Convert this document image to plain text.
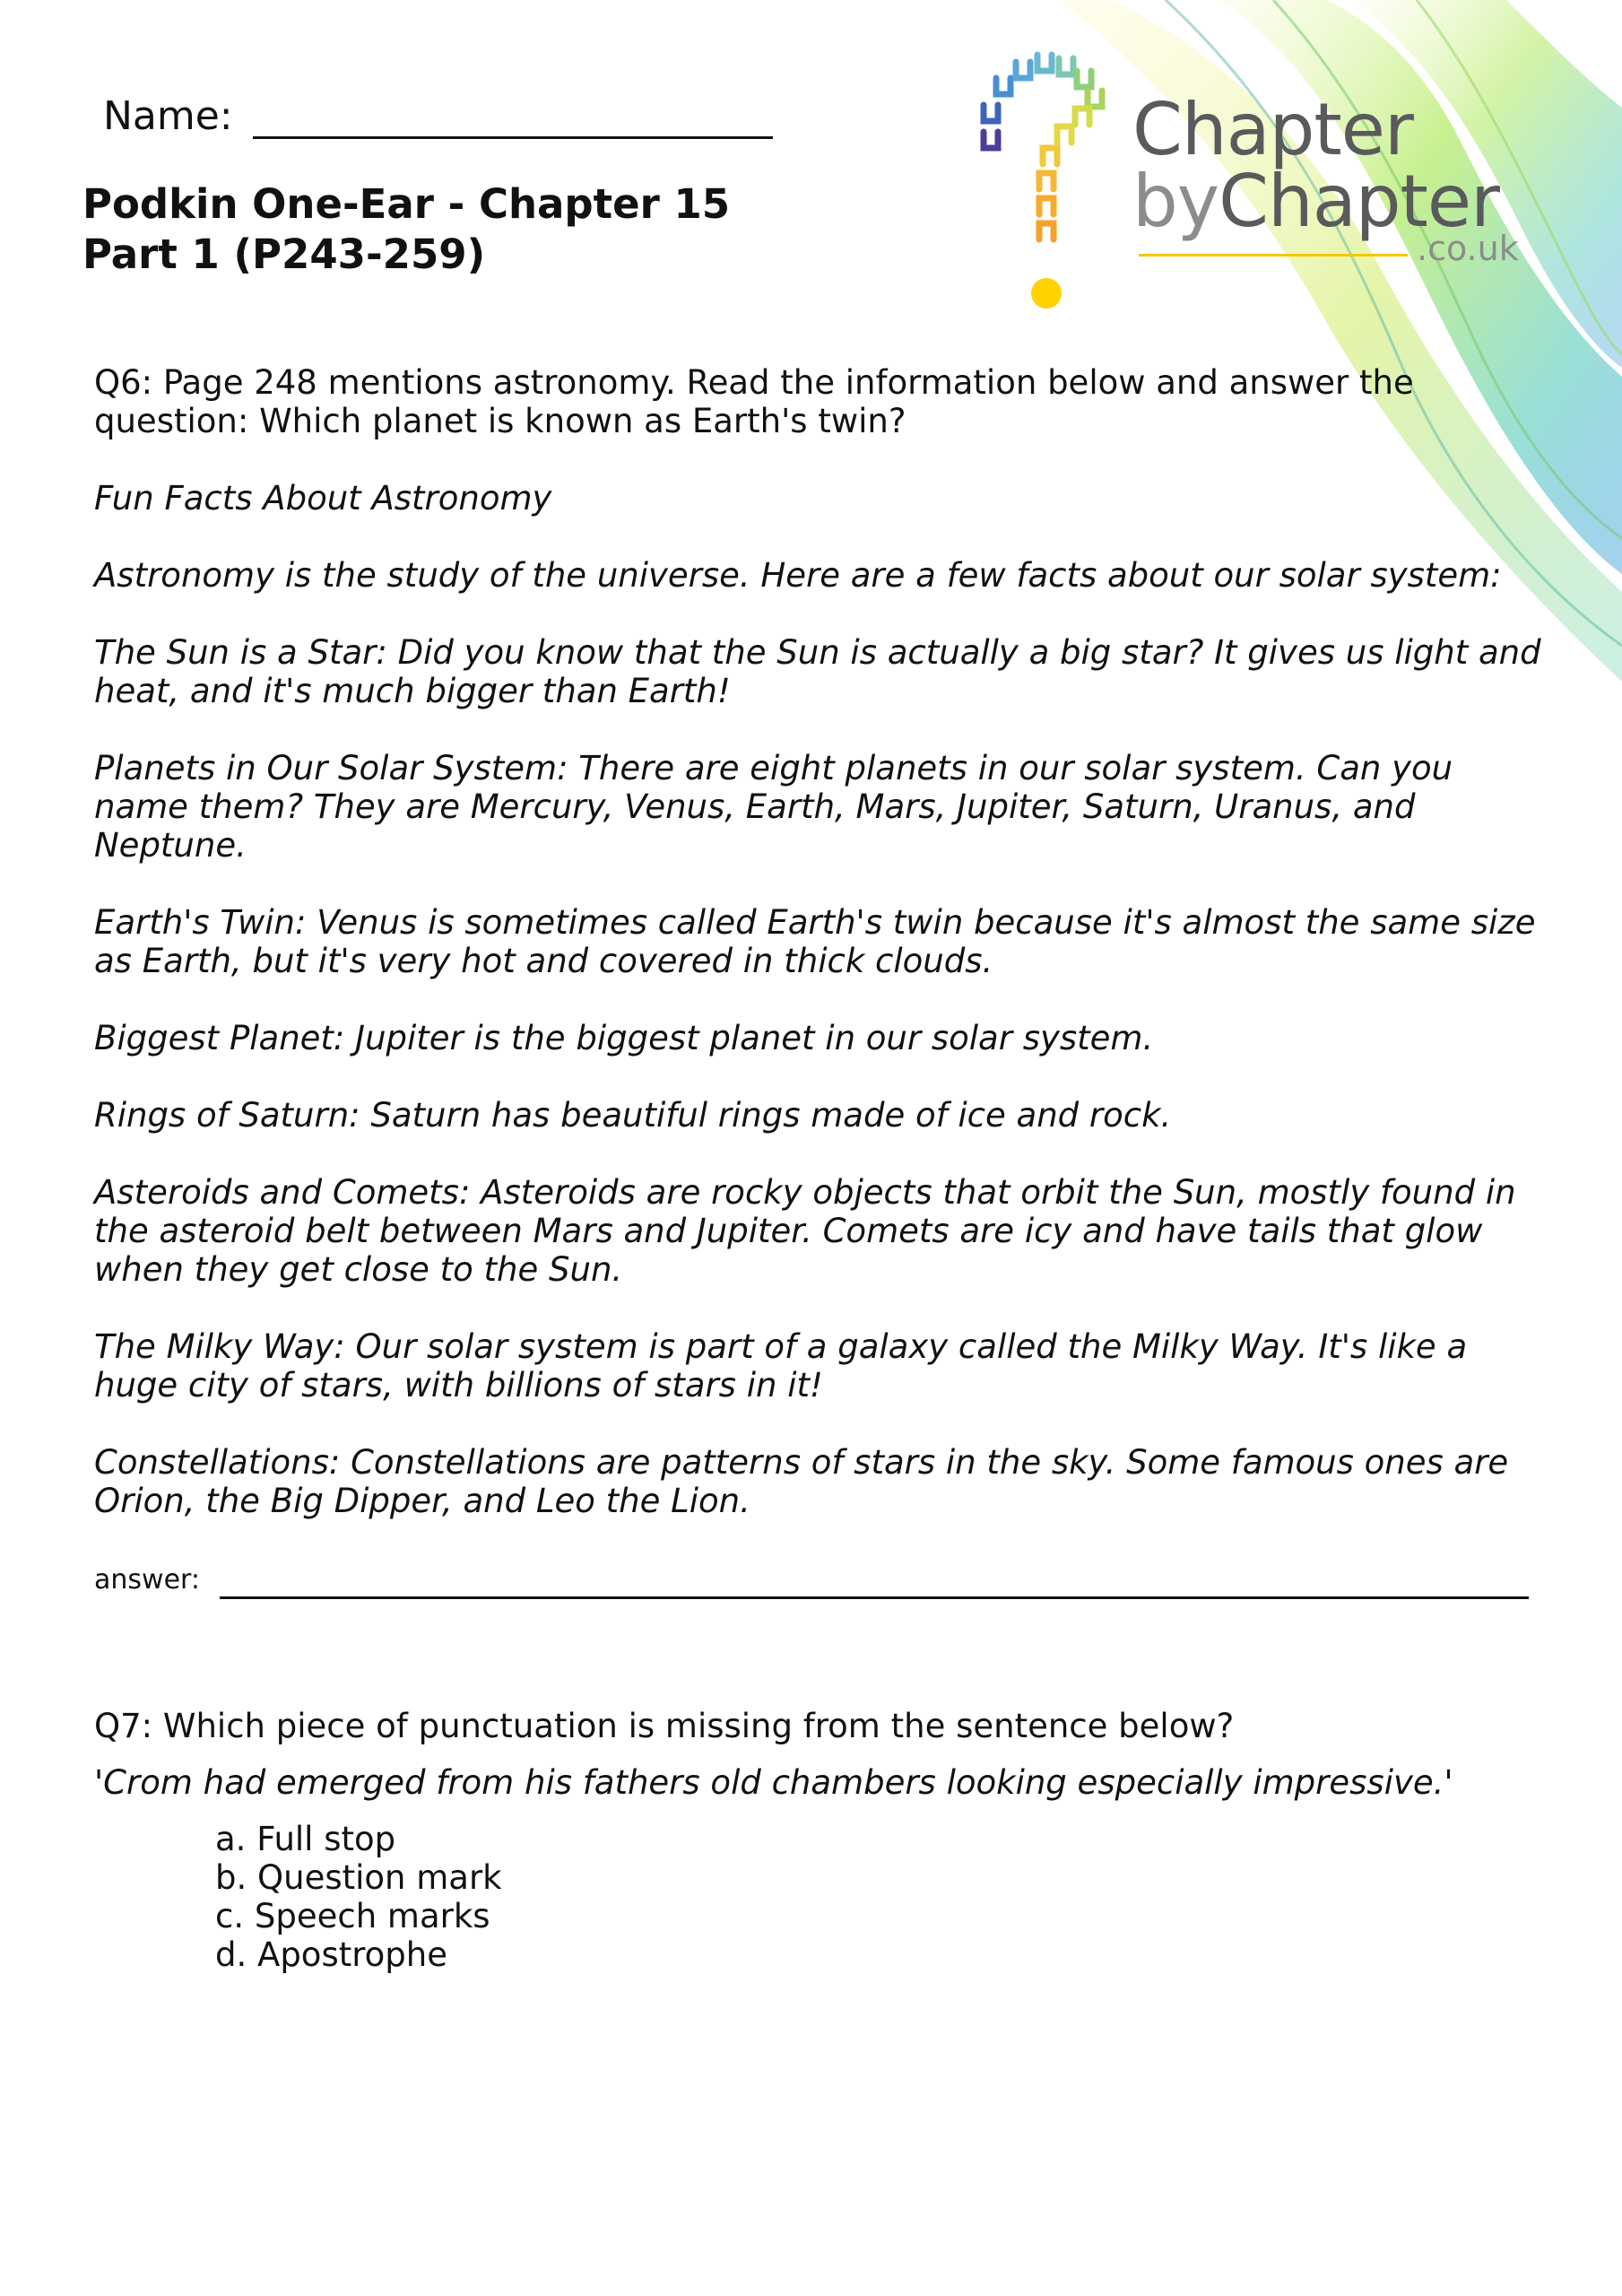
Name:
Podkin One-Ear - Chapter 15
Part 1 (P243-259)
Chapter
byChapter
.co.uk

Q6: Page 248 mentions astronomy. Read the information below and answer the question: Which planet is known as Earth's twin?

Fun Facts About Astronomy

Astronomy is the study of the universe. Here are a few facts about our solar system:

The Sun is a Star: Did you know that the Sun is actually a big star? It gives us light and heat, and it's much bigger than Earth!

Planets in Our Solar System: There are eight planets in our solar system. Can you name them? They are Mercury, Venus, Earth, Mars, Jupiter, Saturn, Uranus, and Neptune.

Earth's Twin: Venus is sometimes called Earth's twin because it's almost the same size as Earth, but it's very hot and covered in thick clouds.

Biggest Planet: Jupiter is the biggest planet in our solar system.

Rings of Saturn: Saturn has beautiful rings made of ice and rock.

Asteroids and Comets: Asteroids are rocky objects that orbit the Sun, mostly found in the asteroid belt between Mars and Jupiter. Comets are icy and have tails that glow when they get close to the Sun.

The Milky Way: Our solar system is part of a galaxy called the Milky Way. It's like a huge city of stars, with billions of stars in it!

Constellations: Constellations are patterns of stars in the sky. Some famous ones are Orion, the Big Dipper, and Leo the Lion.

answer:

Q7: Which piece of punctuation is missing from the sentence below?

'Crom had emerged from his fathers old chambers looking especially impressive.'

a. Full stop
b. Question mark
c. Speech marks
d. Apostrophe
